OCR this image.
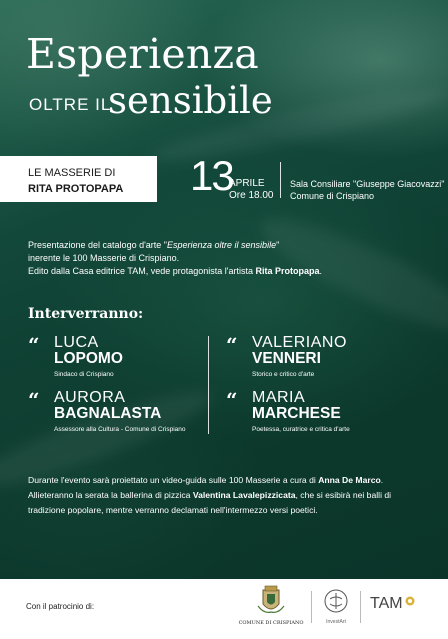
Esperienza
OLTRE IL
sensibile
LE MASSERIE DI
RITA PROTOPAPA	13
APRILE
Ore 18.00
Sala Consiliare "Giuseppe Giacovazzi"
Comune di Crispiano
Presentazione del catalogo d'arte "Esperienza oltre il sensibile"
inerente le 100 Masserie di Crispiano.
Edito dalla Casa editrice TAM, vede protagonista l'artista Rita Protopapa.
Interverranno:
“ LUCA
LOPOMO
Sindaco di Crispiano
“ VALERIANO
VENNERI
Storico e critico d'arte
“ AURORA
BAGNALASTA
Assessore alla Cultura - Comune di Crispiano
“ MARIA
MARCHESE
Poetessa, curatrice e critica d'arte
Durante l'evento sarà proiettato un video-guida sulle 100 Masserie a cura di Anna De Marco.
Allieteranno la serata la ballerina di pizzica Valentina Lavalepizzicata, che si esibirà nei balli di
tradizione popolare, mentre verranno declamati nell'intermezzo versi poetici.
Con il patrocinio di:
COMUNE DI CRISPIANO	InvestArt
TAM
